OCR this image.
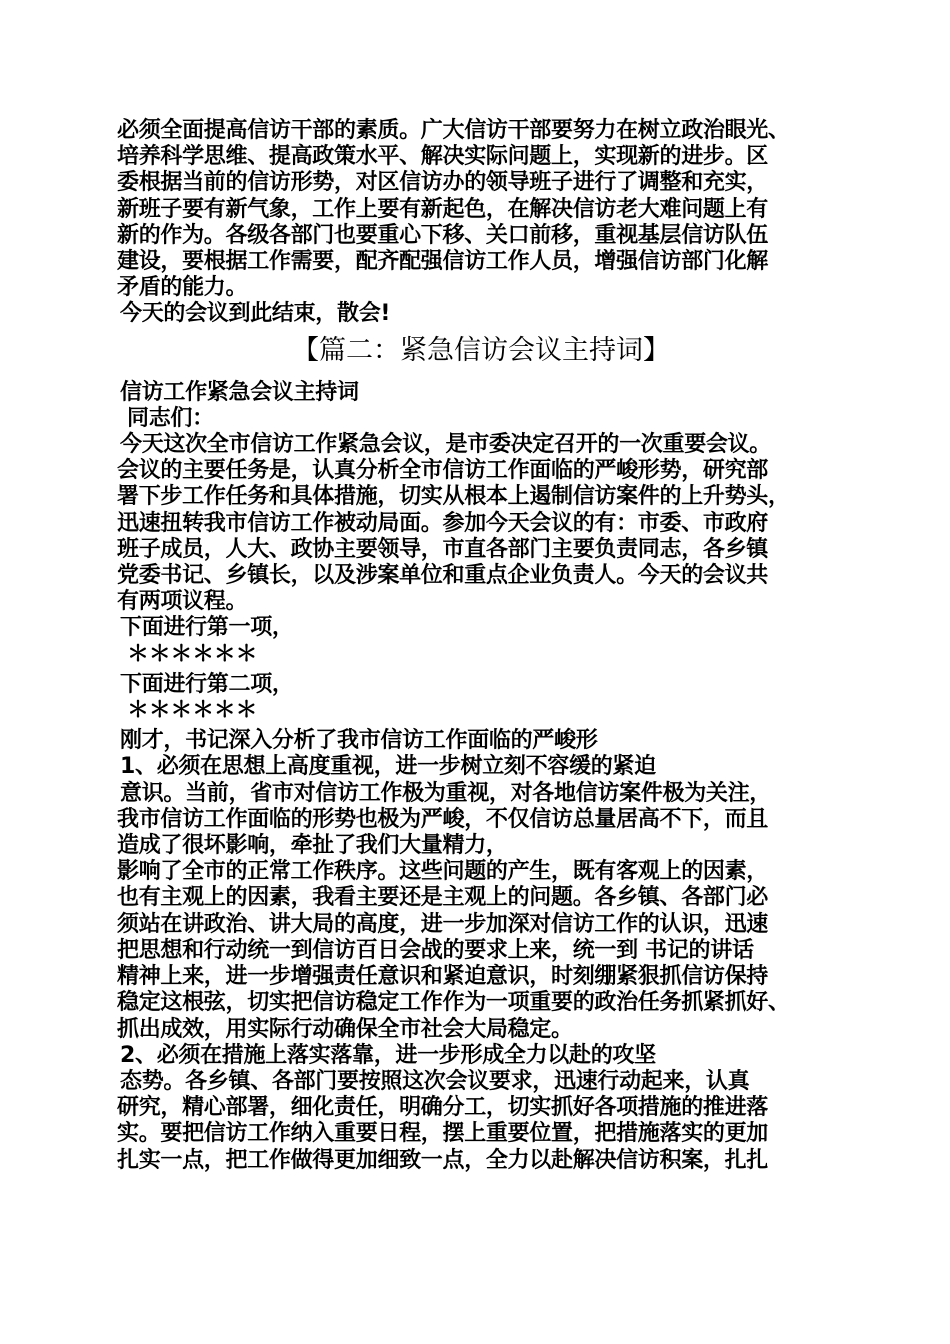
必须全面提高信访干部的素质。广大信访干部要努力在树立政治眼光、
培养科学思维、提高政策水平、解决实际问题上，实现新的进步。区
委根据当前的信访形势，对区信访办的领导班子进行了调整和充实，
新班子要有新气象，工作上要有新起色，在解决信访老大难问题上有
新的作为。各级各部门也要重心下移、关口前移，重视基层信访队伍
建设，要根据工作需要，配齐配强信访工作人员，增强信访部门化解
矛盾的能力。
今天的会议到此结束，散会!
【篇二：紧急信访会议主持词】
信访工作紧急会议主持词
同志们：
今天这次全市信访工作紧急会议，是市委决定召开的一次重要会议。
会议的主要任务是，认真分析全市信访工作面临的严峻形势，研究部
署下步工作任务和具体措施，切实从根本上遏制信访案件的上升势头，
迅速扭转我市信访工作被动局面。参加今天会议的有：市委、市政府
班子成员，人大、政协主要领导，市直各部门主要负责同志，各乡镇
党委书记、乡镇长，以及涉案单位和重点企业负责人。今天的会议共
有两项议程。
下面进行第一项，
＊＊＊＊＊＊
下面进行第二项，
＊＊＊＊＊＊
刚才，书记深入分析了我市信访工作面临的严峻形
1、必须在思想上高度重视，进一步树立刻不容缓的紧迫
意识。当前，省市对信访工作极为重视，对各地信访案件极为关注，
我市信访工作面临的形势也极为严峻，不仅信访总量居高不下，而且
造成了很坏影响，牵扯了我们大量精力，
影响了全市的正常工作秩序。这些问题的产生，既有客观上的因素，
也有主观上的因素，我看主要还是主观上的问题。各乡镇、各部门必
须站在讲政治、讲大局的高度，进一步加深对信访工作的认识，迅速
把思想和行动统一到信访百日会战的要求上来，统一到 书记的讲话
精神上来，进一步增强责任意识和紧迫意识，时刻绷紧狠抓信访保持
稳定这根弦，切实把信访稳定工作作为一项重要的政治任务抓紧抓好、
抓出成效，用实际行动确保全市社会大局稳定。
2、必须在措施上落实落靠，进一步形成全力以赴的攻坚
态势。各乡镇、各部门要按照这次会议要求，迅速行动起来，认真
研究，精心部署，细化责任，明确分工，切实抓好各项措施的推进落
实。要把信访工作纳入重要日程，摆上重要位置，把措施落实的更加
扎实一点，把工作做得更加细致一点，全力以赴解决信访积案，扎扎
